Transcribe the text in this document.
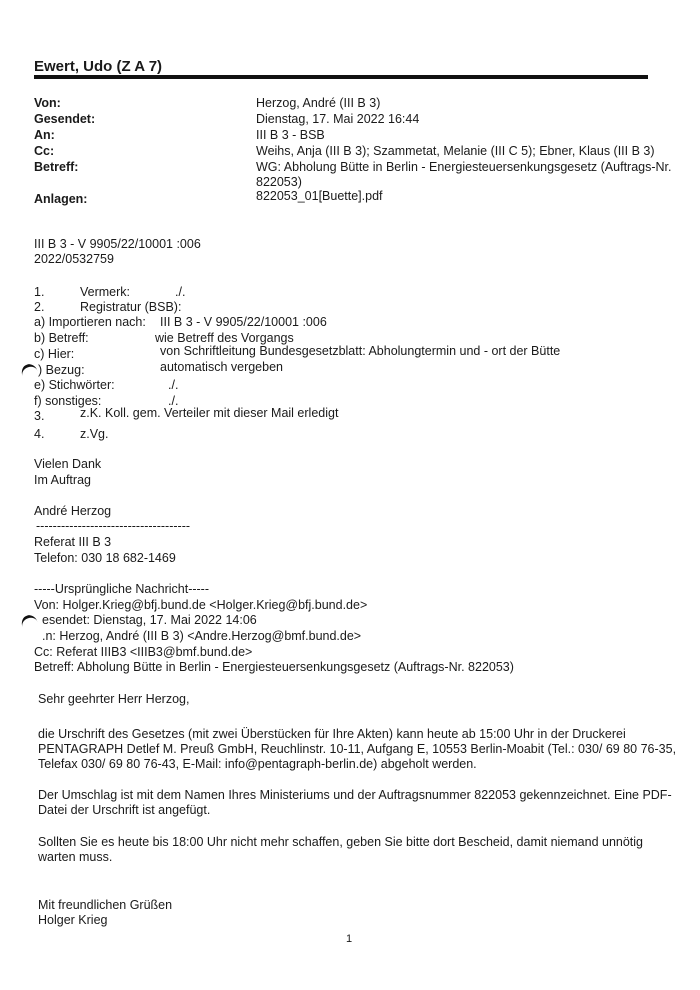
Ewert, Udo (Z A 7)
Von:	Herzog, André (III B 3)
Gesendet:	Dienstag, 17. Mai 2022 16:44
An:	III B 3 - BSB
Cc:	Weihs, Anja (III B 3); Szammetat, Melanie (III C 5); Ebner, Klaus (III B 3)
Betreff:	WG: Abholung Bütte in Berlin - Energiesteuersenkungsgesetz (Auftrags-Nr.
822053)
Anlagen:	822053_01[Buette].pdf
III B 3 - V 9905/22/10001 :006
2022/0532759
1.	Vermerk:	./.
2.	Registratur (BSB):
a) Importieren nach: III B 3 - V 9905/22/10001 :006
b) Betreff:	wie Betreff des Vorgangs
c) Hier:	von Schriftleitung Bundesgesetzblatt: Abholungtermin und - ort der Bütte
) Bezug:	automatisch vergeben
e) Stichwörter:	./.
f) sonstiges:	./.
3.	z.K. Koll. gem. Verteiler mit dieser Mail erledigt
4.	z.Vg.
Vielen Dank
Im Auftrag
André Herzog
-------------------------------------
Referat III B 3
Telefon: 030 18 682-1469
-----Ursprüngliche Nachricht-----
Von: Holger.Krieg@bfj.bund.de <Holger.Krieg@bfj.bund.de>
esendet: Dienstag, 17. Mai 2022 14:06
.n: Herzog, André (III B 3) <Andre.Herzog@bmf.bund.de>
Cc: Referat IIIB3 <IIIB3@bmf.bund.de>
Betreff: Abholung Bütte in Berlin - Energiesteuersenkungsgesetz (Auftrags-Nr. 822053)
Sehr geehrter Herr Herzog,
die Urschrift des Gesetzes (mit zwei Überstücken für Ihre Akten) kann heute ab 15:00 Uhr in der Druckerei
PENTAGRAPH Detlef M. Preuß GmbH, Reuchlinstr. 10-11, Aufgang E, 10553 Berlin-Moabit (Tel.: 030/ 69 80 76-35,
Telefax 030/ 69 80 76-43, E-Mail: info@pentagraph-berlin.de) abgeholt werden.
Der Umschlag ist mit dem Namen Ihres Ministeriums und der Auftragsnummer 822053 gekennzeichnet. Eine PDF-
Datei der Urschrift ist angefügt.
Sollten Sie es heute bis 18:00 Uhr nicht mehr schaffen, geben Sie bitte dort Bescheid, damit niemand unnötig
warten muss.
Mit freundlichen Grüßen
Holger Krieg
1
